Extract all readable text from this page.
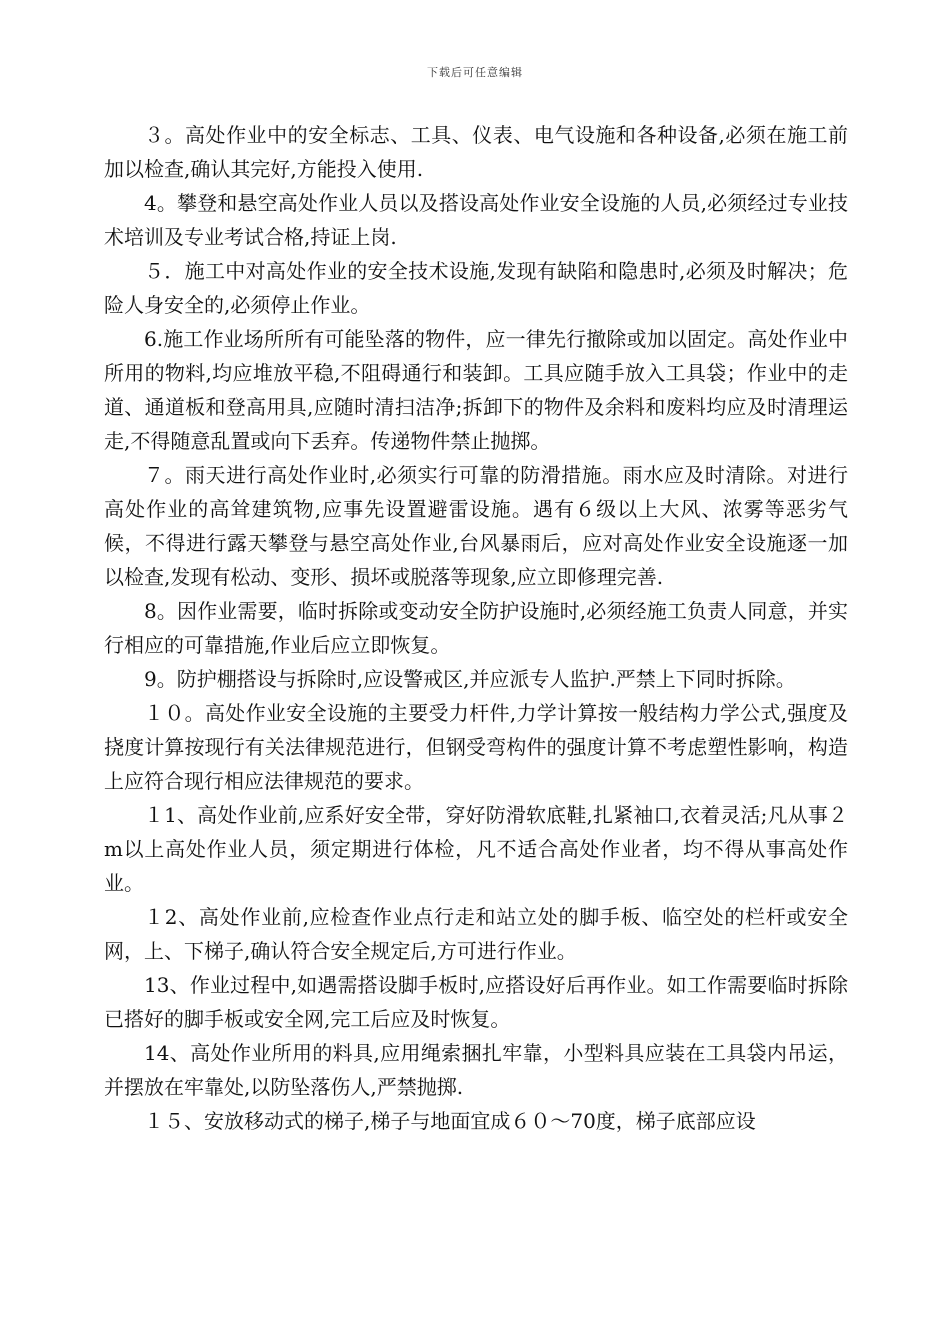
下载后可任意编辑

３。高处作业中的安全标志、工具、仪表、电气设施和各种设备,必须在施工前加以检查,确认其完好,方能投入使用.

4。攀登和悬空高处作业人员以及搭设高处作业安全设施的人员,必须经过专业技术培训及专业考试合格,持证上岗.

５．施工中对高处作业的安全技术设施,发现有缺陷和隐患时,必须及时解决；危险人身安全的,必须停止作业。

6.施工作业场所所有可能坠落的物件，应一律先行撤除或加以固定。高处作业中所用的物料,均应堆放平稳,不阻碍通行和装卸。工具应随手放入工具袋；作业中的走道、通道板和登高用具,应随时清扫洁净;拆卸下的物件及余料和废料均应及时清理运走,不得随意乱置或向下丢弃。传递物件禁止抛掷。

７。雨天进行高处作业时,必须实行可靠的防滑措施。雨水应及时清除。对进行高处作业的高耸建筑物,应事先设置避雷设施。遇有６级以上大风、浓雾等恶劣气候，不得进行露天攀登与悬空高处作业,台风暴雨后，应对高处作业安全设施逐一加以检查,发现有松动、变形、损坏或脱落等现象,应立即修理完善.

8。因作业需要，临时拆除或变动安全防护设施时,必须经施工负责人同意，并实行相应的可靠措施,作业后应立即恢复。

9。防护棚搭设与拆除时,应设警戒区,并应派专人监护.严禁上下同时拆除。

１０。高处作业安全设施的主要受力杆件,力学计算按一般结构力学公式,强度及挠度计算按现行有关法律规范进行，但钢受弯构件的强度计算不考虑塑性影响，构造上应符合现行相应法律规范的要求。

１1、高处作业前,应系好安全带，穿好防滑软底鞋,扎紧袖口,衣着灵活;凡从事２m以上高处作业人员，须定期进行体检，凡不适合高处作业者，均不得从事高处作业。

１2、高处作业前,应检查作业点行走和站立处的脚手板、临空处的栏杆或安全网，上、下梯子,确认符合安全规定后,方可进行作业。

13、作业过程中,如遇需搭设脚手板时,应搭设好后再作业。如工作需要临时拆除已搭好的脚手板或安全网,完工后应及时恢复。

14、高处作业所用的料具,应用绳索捆扎牢靠，小型料具应装在工具袋内吊运，并摆放在牢靠处,以防坠落伤人,严禁抛掷.

１５、安放移动式的梯子,梯子与地面宜成６０～70度，梯子底部应设
